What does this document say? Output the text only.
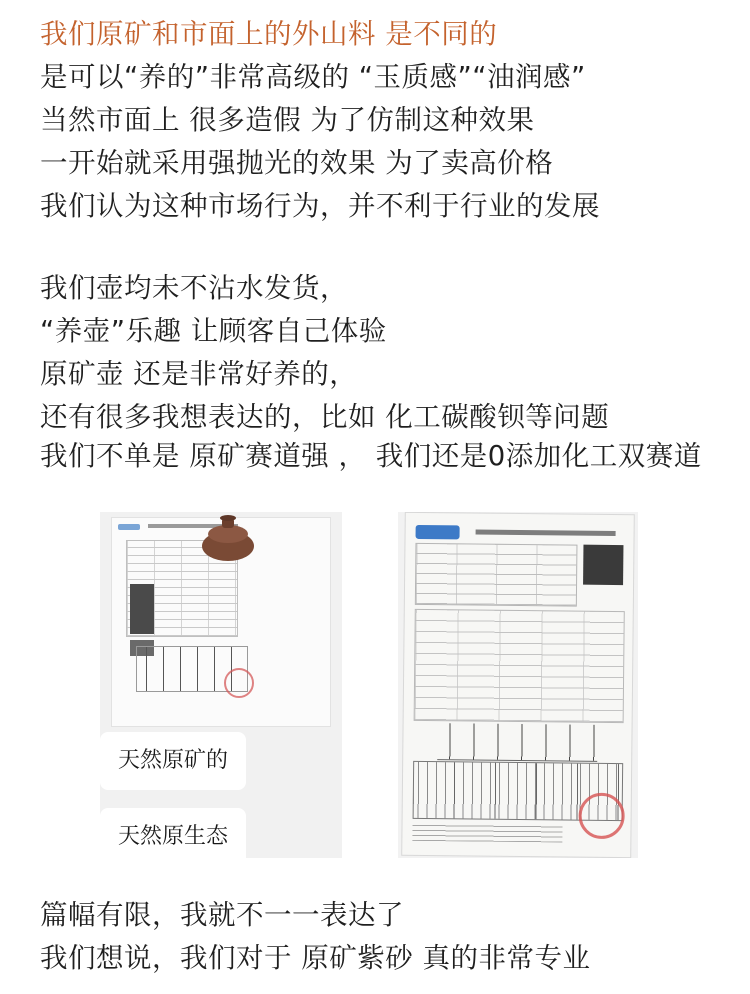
我们原矿和市面上的外山料 是不同的
是可以“养的”非常高级的 “玉质感”“油润感”
当然市面上 很多造假 为了仿制这种效果
一开始就采用强抛光的效果 为了卖高价格
我们认为这种市场行为，并不利于行业的发展
我们壶均未不沾水发货，
“养壶”乐趣 让顾客自己体验
原矿壶 还是非常好养的，
还有很多我想表达的，比如 化工碳酸钡等问题
我们不单是 原矿赛道强 ， 我们还是0添加化工双赛道
天然原矿的
天然原生态
篇幅有限，我就不一一表达了
我们想说，我们对于 原矿紫砂 真的非常专业
